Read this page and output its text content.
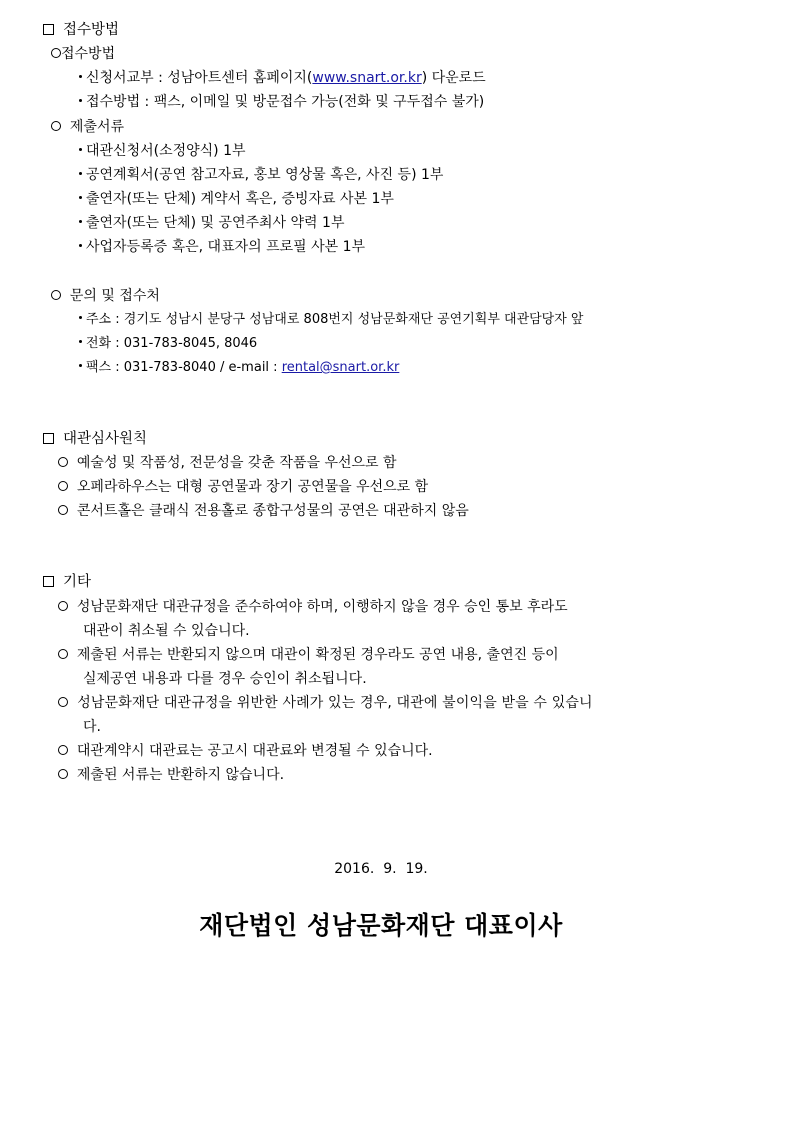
접수방법
접수방법
신청서교부 : 성남아트센터 홈페이지(www.snart.or.kr) 다운로드
접수방법 : 팩스, 이메일 및 방문접수 가능(전화 및 구두접수 불가)
제출서류
대관신청서(소정양식) 1부
공연계획서(공연 참고자료, 홍보 영상물 혹은, 사진 등) 1부
출연자(또는 단체) 계약서 혹은, 증빙자료 사본 1부
출연자(또는 단체) 및 공연주최사 약력 1부
사업자등록증 혹은, 대표자의 프로필 사본 1부
문의 및 접수처
주소 : 경기도 성남시 분당구 성남대로 808번지 성남문화재단 공연기획부 대관담당자 앞
전화 : 031-783-8045, 8046
팩스 : 031-783-8040 / e-mail : rental@snart.or.kr
대관심사원칙
예술성 및 작품성, 전문성을 갖춘 작품을 우선으로 함
오페라하우스는 대형 공연물과 장기 공연물을 우선으로 함
콘서트홀은 클래식 전용홀로 종합구성물의 공연은 대관하지 않음
기타
성남문화재단 대관규정을 준수하여야 하며, 이행하지 않을 경우 승인 통보 후라도
대관이 취소될 수 있습니다.
제출된 서류는 반환되지 않으며 대관이 확정된 경우라도 공연 내용, 출연진 등이
실제공연 내용과 다를 경우 승인이 취소됩니다.
성남문화재단 대관규정을 위반한 사례가 있는 경우, 대관에 불이익을 받을 수 있습니
다.
대관계약시 대관료는 공고시 대관료와 변경될 수 있습니다.
제출된 서류는 반환하지 않습니다.
2016.  9.  19.
재단법인 성남문화재단 대표이사
